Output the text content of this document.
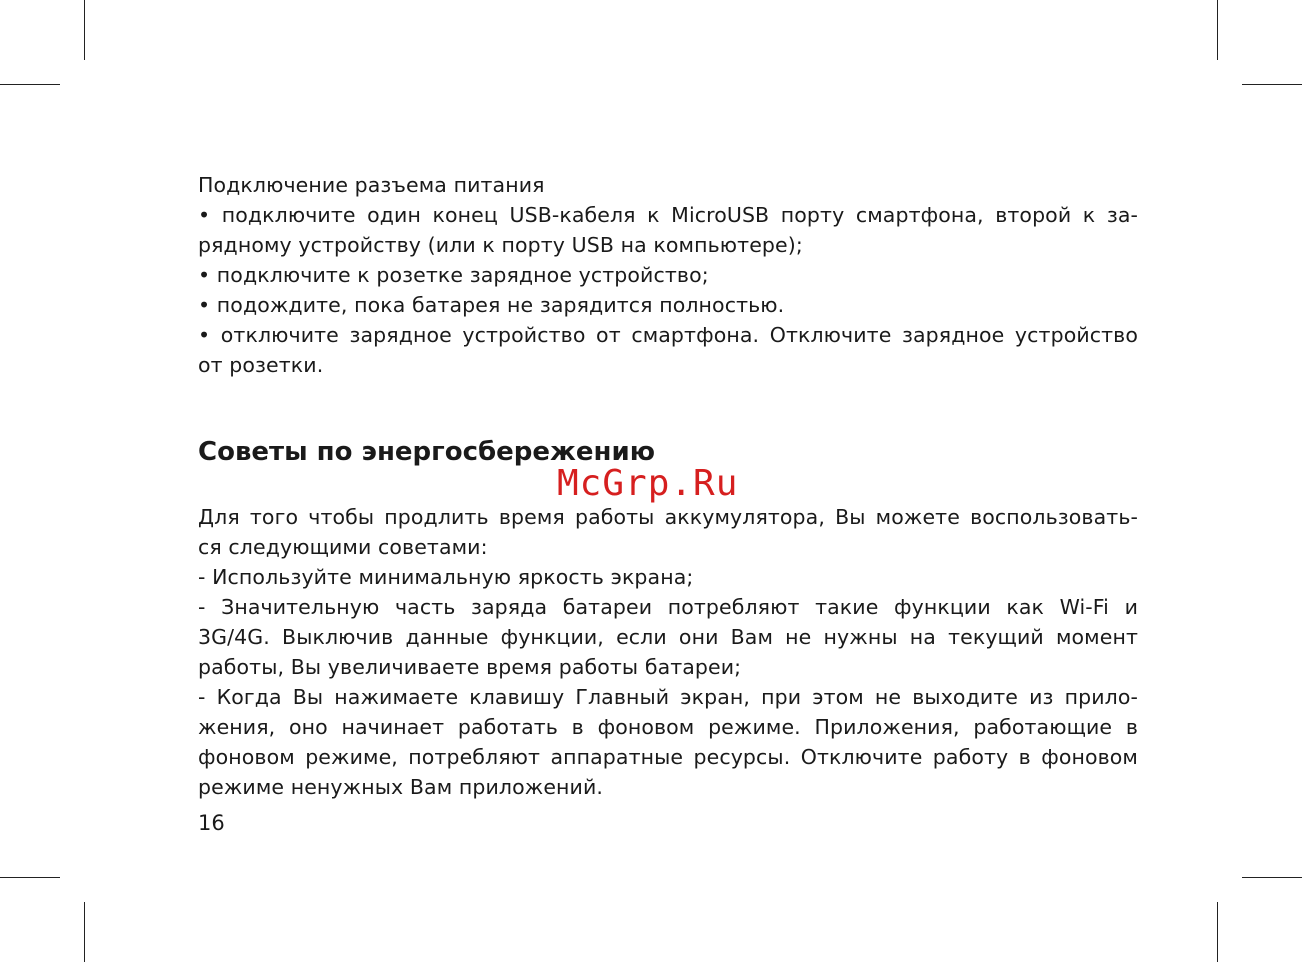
Подключение разъема питания
• подключите один конец USB-кабеля к MicroUSB порту смартфона, второй к за-
рядному устройству (или к порту USB на компьютере);
• подключите к розетке зарядное устройство;
• подождите, пока батарея не зарядится полностью.
• отключите зарядное устройство от смартфона. Отключите зарядное устройство
от розетки.
Советы по энергосбережению
McGrp.Ru
Для того чтобы продлить время работы аккумулятора, Вы можете воспользовать-
ся следующими советами:
- Используйте минимальную яркость экрана;
- Значительную часть заряда батареи потребляют такие функции как Wi-Fi и
3G/4G. Выключив данные функции, если они Вам не нужны на текущий момент
работы, Вы увеличиваете время работы батареи;
- Когда Вы нажимаете клавишу Главный экран, при этом не выходите из прило-
жения, оно начинает работать в фоновом режиме. Приложения, работающие в
фоновом режиме, потребляют аппаратные ресурсы. Отключите работу в фоновом
режиме ненужных Вам приложений.
16
